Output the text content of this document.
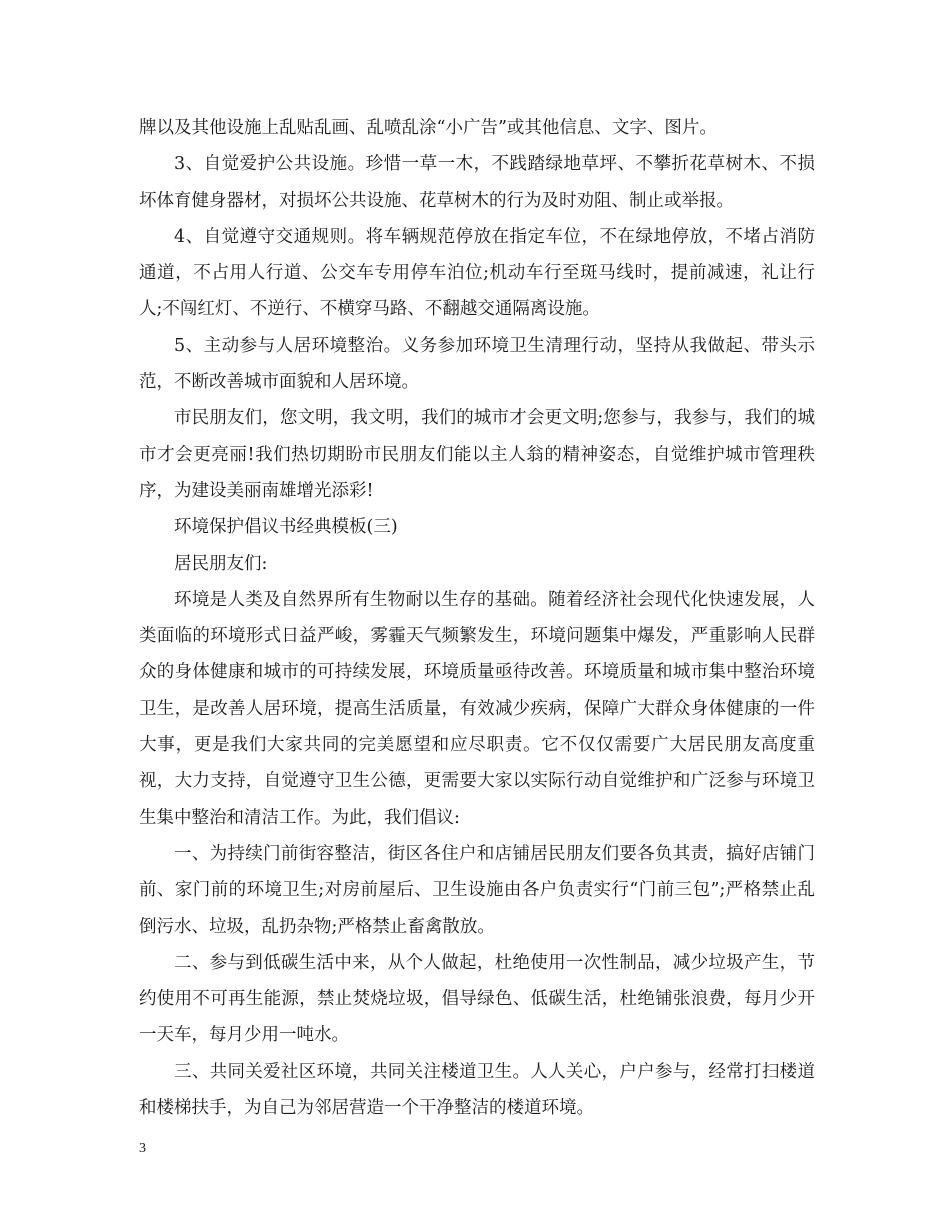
牌以及其他设施上乱贴乱画、乱喷乱涂“小广告”或其他信息、文字、图片。

3、自觉爱护公共设施。珍惜一草一木，不践踏绿地草坪、不攀折花草树木、不损坏体育健身器材，对损坏公共设施、花草树木的行为及时劝阻、制止或举报。

4、自觉遵守交通规则。将车辆规范停放在指定车位，不在绿地停放，不堵占消防通道，不占用人行道、公交车专用停车泊位;机动车行至斑马线时，提前减速，礼让行人;不闯红灯、不逆行、不横穿马路、不翻越交通隔离设施。

5、主动参与人居环境整治。义务参加环境卫生清理行动，坚持从我做起、带头示范，不断改善城市面貌和人居环境。

市民朋友们，您文明，我文明，我们的城市才会更文明;您参与，我参与，我们的城市才会更亮丽!我们热切期盼市民朋友们能以主人翁的精神姿态，自觉维护城市管理秩序，为建设美丽南雄增光添彩!

环境保护倡议书经典模板(三)

居民朋友们:

环境是人类及自然界所有生物耐以生存的基础。随着经济社会现代化快速发展，人类面临的环境形式日益严峻，雾霾天气频繁发生，环境问题集中爆发，严重影响人民群众的身体健康和城市的可持续发展，环境质量亟待改善。环境质量和城市集中整治环境卫生，是改善人居环境，提高生活质量，有效减少疾病，保障广大群众身体健康的一件大事，更是我们大家共同的完美愿望和应尽职责。它不仅仅需要广大居民朋友高度重视，大力支持，自觉遵守卫生公德，更需要大家以实际行动自觉维护和广泛参与环境卫生集中整治和清洁工作。为此，我们倡议:

一、为持续门前街容整洁，街区各住户和店铺居民朋友们要各负其责，搞好店铺门前、家门前的环境卫生;对房前屋后、卫生设施由各户负责实行“门前三包”;严格禁止乱倒污水、垃圾，乱扔杂物;严格禁止畜禽散放。

二、参与到低碳生活中来，从个人做起，杜绝使用一次性制品，减少垃圾产生，节约使用不可再生能源，禁止焚烧垃圾，倡导绿色、低碳生活，杜绝铺张浪费，每月少开一天车，每月少用一吨水。

三、共同关爱社区环境，共同关注楼道卫生。人人关心，户户参与，经常打扫楼道和楼梯扶手，为自己为邻居营造一个干净整洁的楼道环境。

3
